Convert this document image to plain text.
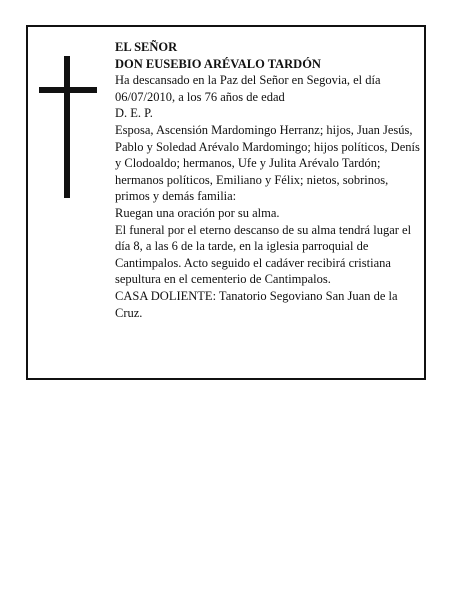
EL SEÑOR

DON EUSEBIO ARÉVALO TARDÓN

Ha descansado en la Paz del Señor en Segovia, el día 06/07/2010, a los 76 años de edad

D. E. P.

Esposa, Ascensión Mardomingo Herranz; hijos, Juan Jesús, Pablo y Soledad Arévalo Mardomingo; hijos políticos, Denís y Clodoaldo; hermanos, Ufe y Julita Arévalo Tardón; hermanos políticos, Emiliano y Félix; nietos, sobrinos, primos y demás familia:

Ruegan una oración por su alma.

El funeral por el eterno descanso de su alma tendrá lugar el día 8, a las 6 de la tarde, en la iglesia parroquial de Cantimpalos. Acto seguido el cadáver recibirá cristiana sepultura en el cementerio de Cantimpalos.

CASA DOLIENTE: Tanatorio Segoviano San Juan de la Cruz.
